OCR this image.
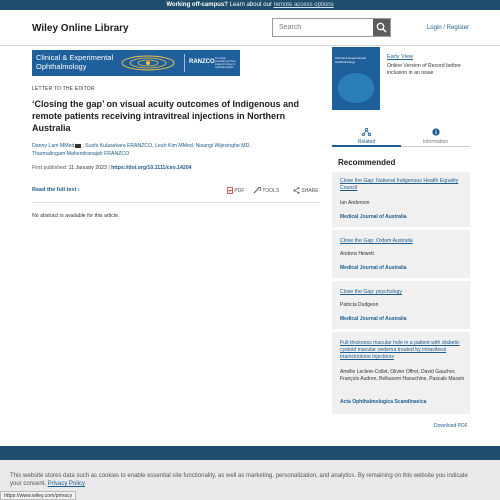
Working off-campus? Learn about our remote access options
Wiley Online Library
Search	Login / Register
Clinical & Experimental
Ophthalmology	RANZCO
The Royal Australian and New Zealand College of Ophthalmologists
LETTER TO THE EDITOR
‘Closing the gap’ on visual acuity outcomes of Indigenous and remote patients receiving intravitreal injections in Northern Australia
Danny Lam MMed , Sushi Kulasekara FRANZCO, Leah Kim MMed, Nisangi Wijesinghe MD,
Tharmalingam Mahendranajah FRANZCO
First published: 11 January 2023 | https://doi.org/10.1111/ceo.14204
Read the full text ›	PDF	TOOLS	SHARE
No abstract is available for this article.
Clinical & Experimental Ophthalmology
Early View
Online Version of Record before inclusion in an issue
Related	Information
Recommended
Close the Gap: National Indigenous Health Equality Council
Ian Anderson
Medical Journal of Australia
Close the Gap: Oxfam Australia
Andrew Hewett
Medical Journal of Australia
Close the Gap: psychology
Patricia Dudgeon
Medical Journal of Australia
Full-thickness macular hole in a patient with diabetic cystoid macular oedema treated by intravitreal triamcinolone injections
Amélie Leclere-Collet, Olivier Offret, David Gaucher, François Audren, Belkacem Haouchine, Pascale Massin
Acta Ophthalmologica Scandinavica
Download PDF
This website stores data such as cookies to enable essential site functionality, as well as marketing, personalization, and analytics. By remaining on this website you indicate your consent. Privacy Policy
https://www.wiley.com/privacy
